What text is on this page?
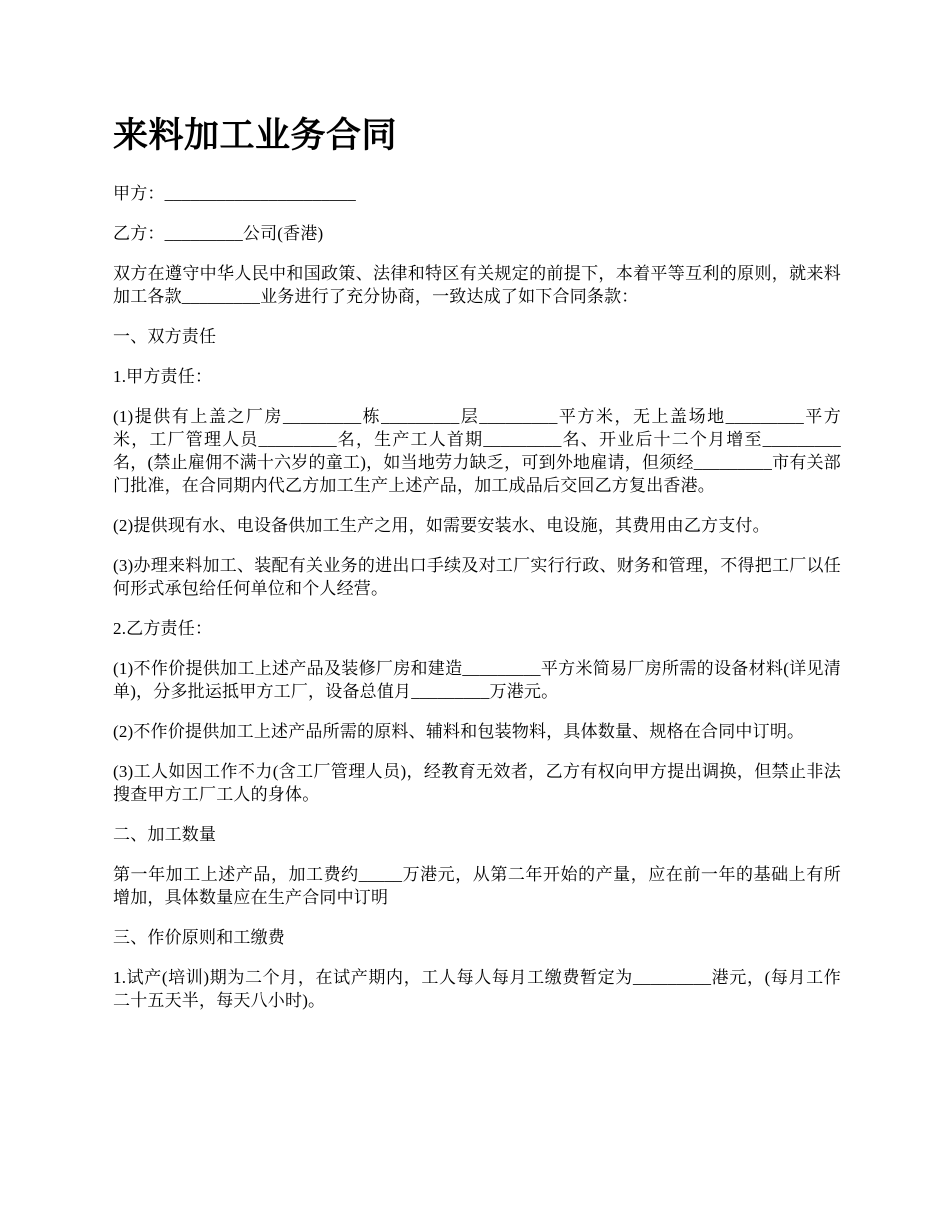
来料加工业务合同

甲方：______________________

乙方：_________公司(香港)

双方在遵守中华人民中和国政策、法律和特区有关规定的前提下，本着平等互利的原则，就来料加工各款_________业务进行了充分协商，一致达成了如下合同条款：

一、双方责任

1.甲方责任：

(1)提供有上盖之厂房_________栋_________层_________平方米，无上盖场地_________平方米，工厂管理人员_________名，生产工人首期_________名、开业后十二个月增至_________名，(禁止雇佣不满十六岁的童工)，如当地劳力缺乏，可到外地雇请，但须经_________市有关部门批准，在合同期内代乙方加工生产上述产品，加工成品后交回乙方复出香港。

(2)提供现有水、电设备供加工生产之用，如需要安装水、电设施，其费用由乙方支付。

(3)办理来料加工、装配有关业务的进出口手续及对工厂实行行政、财务和管理，不得把工厂以任何形式承包给任何单位和个人经营。

2.乙方责任：

(1)不作价提供加工上述产品及装修厂房和建造_________平方米简易厂房所需的设备材料(详见清单)，分多批运抵甲方工厂，设备总值月_________万港元。

(2)不作价提供加工上述产品所需的原料、辅料和包装物料，具体数量、规格在合同中订明。

(3)工人如因工作不力(含工厂管理人员)，经教育无效者，乙方有权向甲方提出调换，但禁止非法搜查甲方工厂工人的身体。

二、加工数量

第一年加工上述产品，加工费约_____万港元，从第二年开始的产量，应在前一年的基础上有所增加，具体数量应在生产合同中订明

三、作价原则和工缴费

1.试产(培训)期为二个月，在试产期内，工人每人每月工缴费暂定为_________港元，(每月工作二十五天半，每天八小时)。
